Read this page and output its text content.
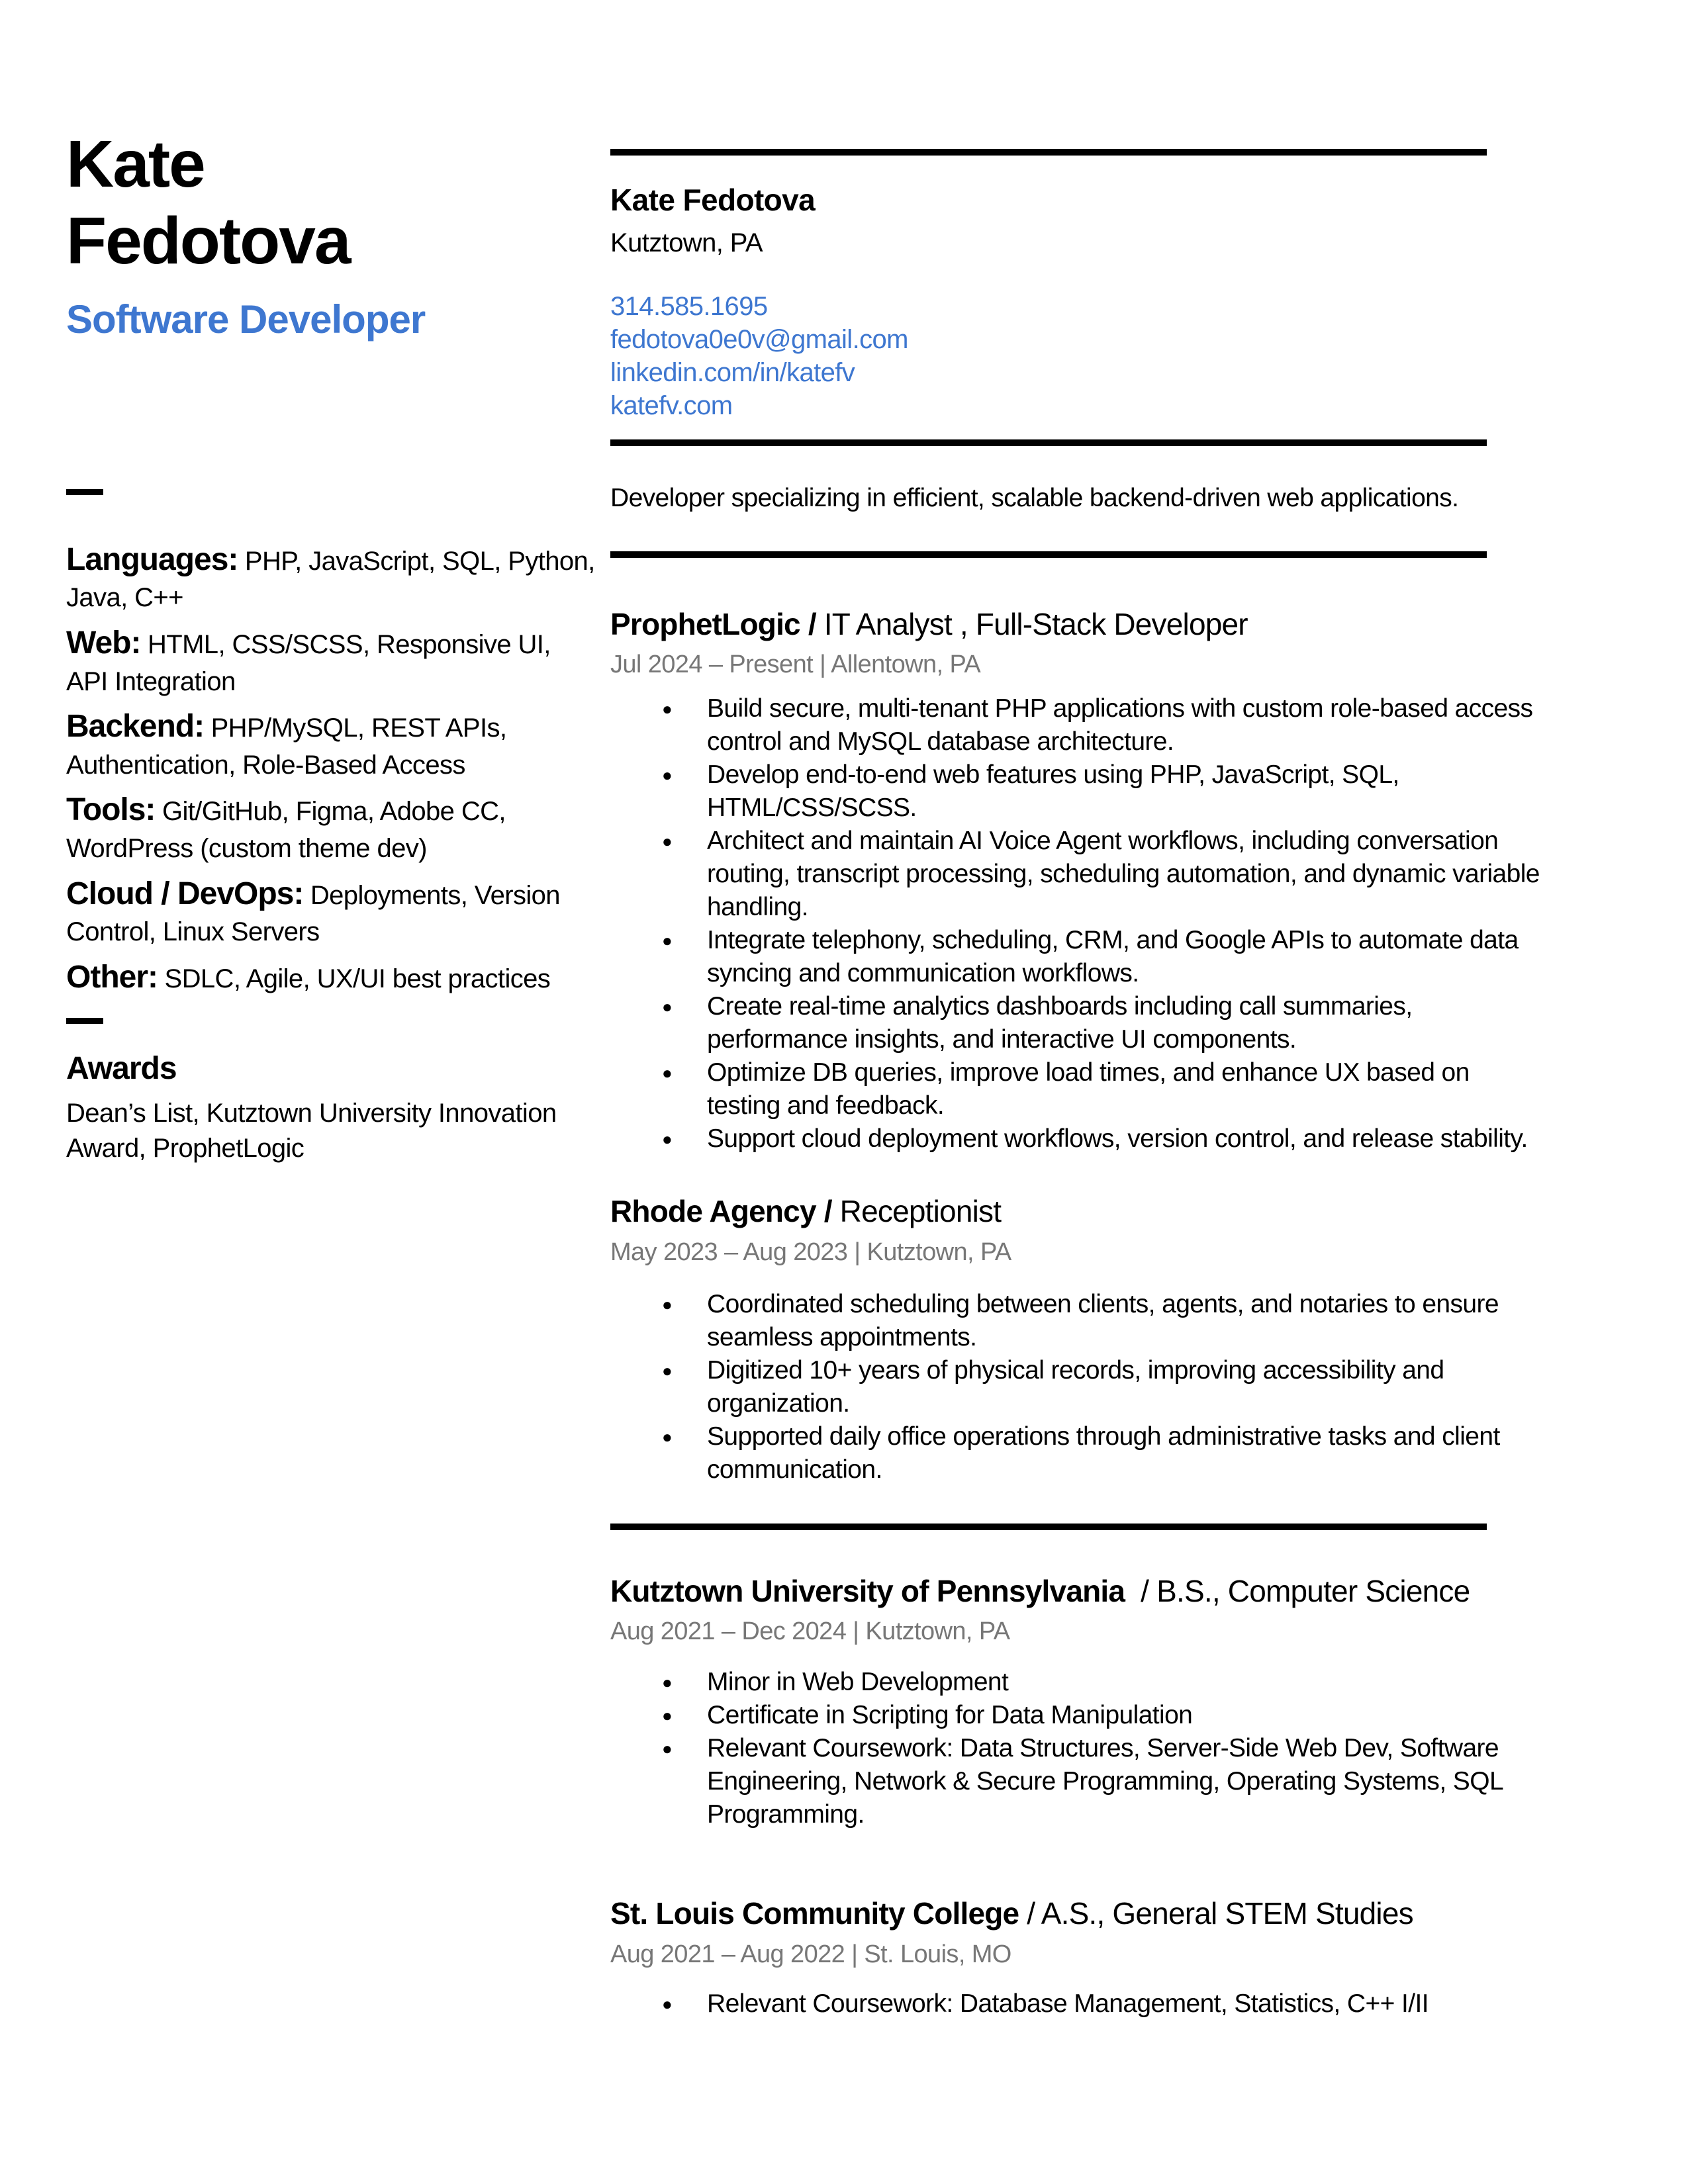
Kate
Fedotova
Software Developer

Languages: PHP, JavaScript, SQL, Python, Java, C++

Web: HTML, CSS/SCSS, Responsive UI, API Integration

Backend: PHP/MySQL, REST APIs, Authentication, Role-Based Access

Tools: Git/GitHub, Figma, Adobe CC, WordPress (custom theme dev)

Cloud / DevOps: Deployments, Version Control, Linux Servers

Other: SDLC, Agile, UX/UI best practices

Awards
Dean’s List, Kutztown University Innovation Award, ProphetLogic
Kate Fedotova
Kutztown, PA
314.585.1695
fedotova0e0v@gmail.com
linkedin.com/in/katefv
katefv.com
Developer specializing in efficient, scalable backend-driven web applications.
ProphetLogic / IT Analyst , Full-Stack Developer
Jul 2024 – Present | Allentown, PA
● Build secure, multi-tenant PHP applications with custom role-based access control and MySQL database architecture.
● Develop end-to-end web features using PHP, JavaScript, SQL, HTML/CSS/SCSS.
● Architect and maintain AI Voice Agent workflows, including conversation routing, transcript processing, scheduling automation, and dynamic variable handling.
● Integrate telephony, scheduling, CRM, and Google APIs to automate data syncing and communication workflows.
● Create real-time analytics dashboards including call summaries, performance insights, and interactive UI components.
● Optimize DB queries, improve load times, and enhance UX based on testing and feedback.
● Support cloud deployment workflows, version control, and release stability.
Rhode Agency / Receptionist
May 2023 – Aug 2023 | Kutztown, PA
● Coordinated scheduling between clients, agents, and notaries to ensure seamless appointments.
● Digitized 10+ years of physical records, improving accessibility and organization.
● Supported daily office operations through administrative tasks and client communication.
Kutztown University of Pennsylvania  / B.S., Computer Science
Aug 2021 – Dec 2024 | Kutztown, PA
● Minor in Web Development
● Certificate in Scripting for Data Manipulation
● Relevant Coursework: Data Structures, Server-Side Web Dev, Software Engineering, Network & Secure Programming, Operating Systems, SQL Programming.
St. Louis Community College / A.S., General STEM Studies
Aug 2021 – Aug 2022 | St. Louis, MO
● Relevant Coursework: Database Management, Statistics, C++ I/II
